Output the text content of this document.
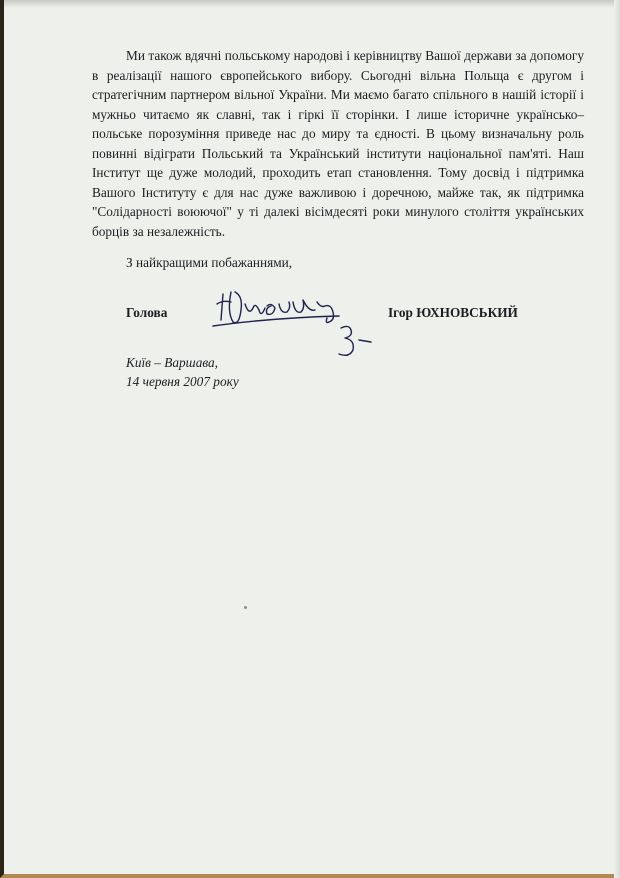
Ми також вдячні польському народові і керівництву Вашої держави за допомогу в реалізації нашого європейського вибору. Сьогодні вільна Польща є другом і стратегічним партнером вільної України. Ми маємо багато спільного в нашій історії і мужньо читаємо як славні, так і гіркі її сторінки. І лише історичне українсько–польське порозуміння приведе нас до миру та єдності. В цьому визначальну роль повинні відіграти Польський та Український інститути національної пам'яті. Наш Інститут ще дуже молодий, проходить етап становлення. Тому досвід і підтримка Вашого Інституту є для нас дуже важливою і доречною, майже так, як підтримка "Солідарності воюючої" у ті далекі вісімдесяті роки минулого століття українських борців за незалежність.

З найкращими побажаннями,

Голова	Ігор ЮХНОВСЬКИЙ
Київ – Варшава,
14 червня 2007 року
